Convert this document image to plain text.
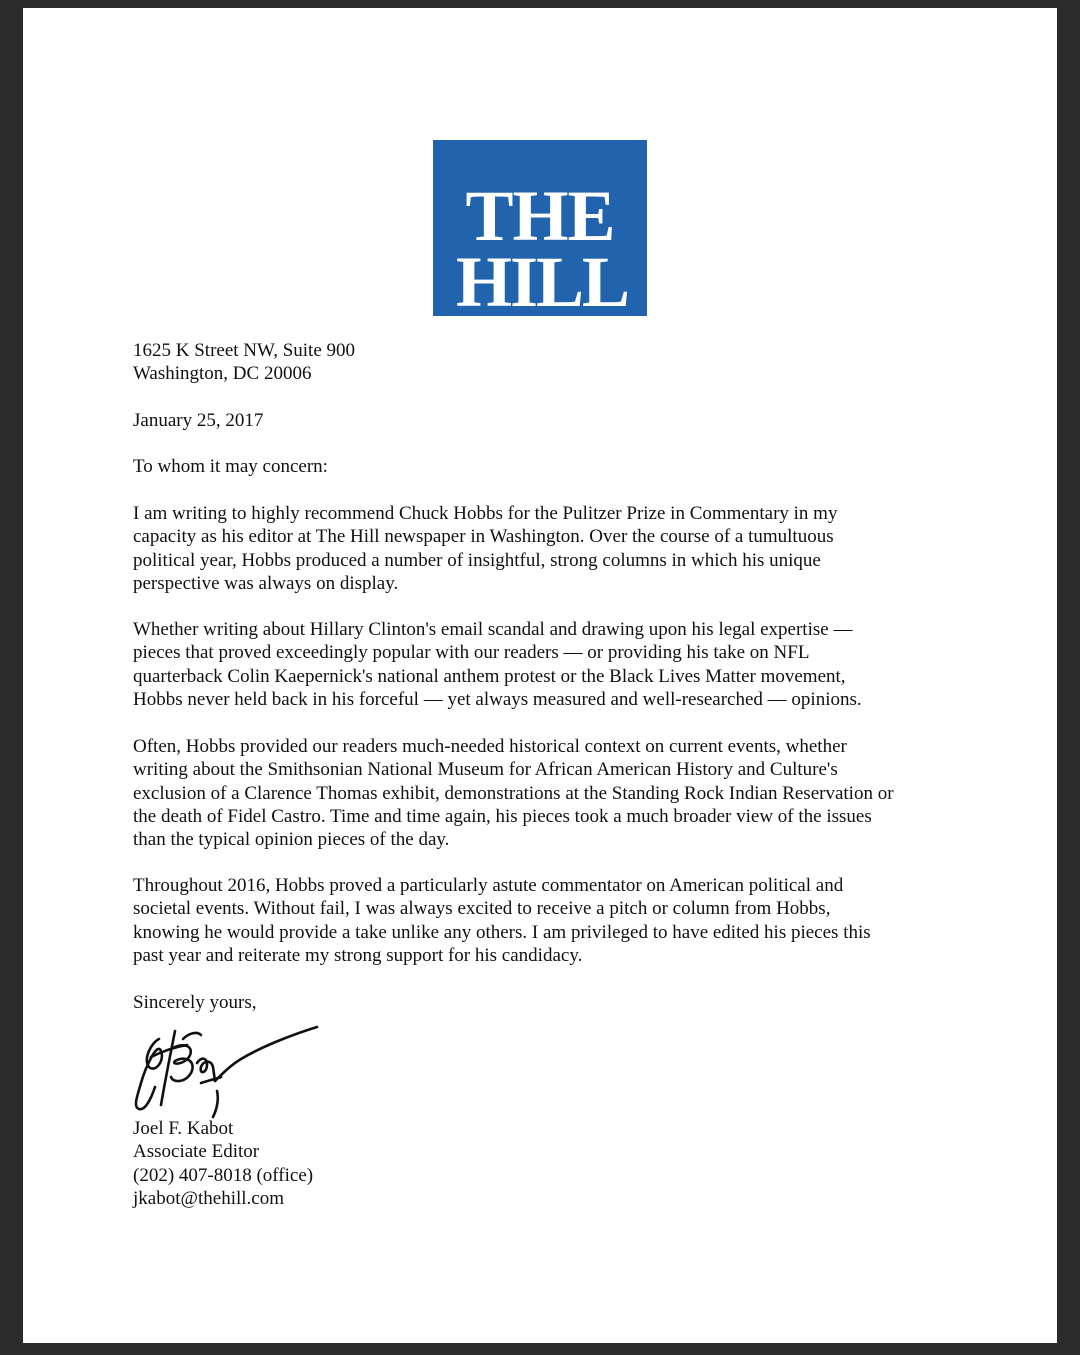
THE
HILL
1625 K Street NW, Suite 900
Washington, DC 20006
January 25, 2017
To whom it may concern:
I am writing to highly recommend Chuck Hobbs for the Pulitzer Prize in Commentary in my
capacity as his editor at The Hill newspaper in Washington. Over the course of a tumultuous
political year, Hobbs produced a number of insightful, strong columns in which his unique
perspective was always on display.
Whether writing about Hillary Clinton's email scandal and drawing upon his legal expertise —
pieces that proved exceedingly popular with our readers — or providing his take on NFL
quarterback Colin Kaepernick's national anthem protest or the Black Lives Matter movement,
Hobbs never held back in his forceful — yet always measured and well-researched — opinions.
Often, Hobbs provided our readers much-needed historical context on current events, whether
writing about the Smithsonian National Museum for African American History and Culture's
exclusion of a Clarence Thomas exhibit, demonstrations at the Standing Rock Indian Reservation or
the death of Fidel Castro. Time and time again, his pieces took a much broader view of the issues
than the typical opinion pieces of the day.
Throughout 2016, Hobbs proved a particularly astute commentator on American political and
societal events. Without fail, I was always excited to receive a pitch or column from Hobbs,
knowing he would provide a take unlike any others. I am privileged to have edited his pieces this
past year and reiterate my strong support for his candidacy.
Sincerely yours,
Joel F. Kabot
Associate Editor
(202) 407-8018 (office)
jkabot@thehill.com
